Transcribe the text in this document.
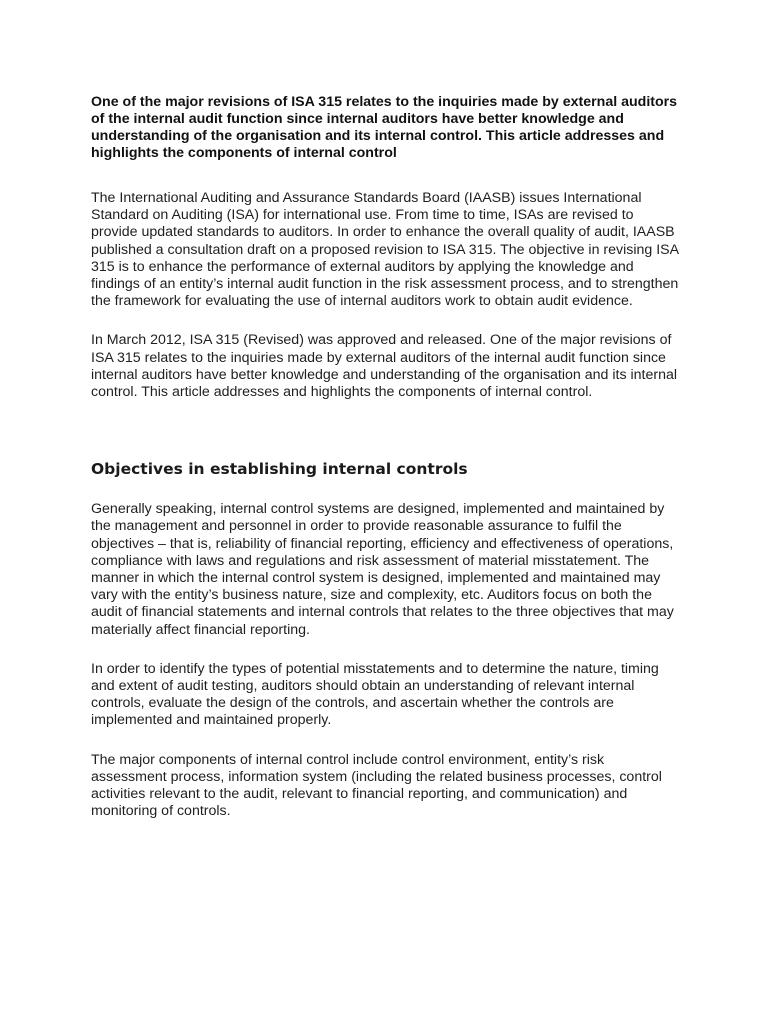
One of the major revisions of ISA 315 relates to the inquiries made by external auditors of the internal audit function since internal auditors have better knowledge and understanding of the organisation and its internal control. This article addresses and highlights the components of internal control

The International Auditing and Assurance Standards Board (IAASB) issues International Standard on Auditing (ISA) for international use. From time to time, ISAs are revised to provide updated standards to auditors. In order to enhance the overall quality of audit, IAASB published a consultation draft on a proposed revision to ISA 315. The objective in revising ISA 315 is to enhance the performance of external auditors by applying the knowledge and findings of an entity’s internal audit function in the risk assessment process, and to strengthen the framework for evaluating the use of internal auditors work to obtain audit evidence.

In March 2012, ISA 315 (Revised) was approved and released. One of the major revisions of ISA 315 relates to the inquiries made by external auditors of the internal audit function since internal auditors have better knowledge and understanding of the organisation and its internal control. This article addresses and highlights the components of internal control.

Objectives in establishing internal controls

Generally speaking, internal control systems are designed, implemented and maintained by the management and personnel in order to provide reasonable assurance to fulfil the objectives – that is, reliability of financial reporting, efficiency and effectiveness of operations, compliance with laws and regulations and risk assessment of material misstatement. The manner in which the internal control system is designed, implemented and maintained may vary with the entity’s business nature, size and complexity, etc. Auditors focus on both the audit of financial statements and internal controls that relates to the three objectives that may materially affect financial reporting.

In order to identify the types of potential misstatements and to determine the nature, timing and extent of audit testing, auditors should obtain an understanding of relevant internal controls, evaluate the design of the controls, and ascertain whether the controls are implemented and maintained properly.

The major components of internal control include control environment, entity’s risk assessment process, information system (including the related business processes, control activities relevant to the audit, relevant to financial reporting, and communication) and monitoring of controls.
